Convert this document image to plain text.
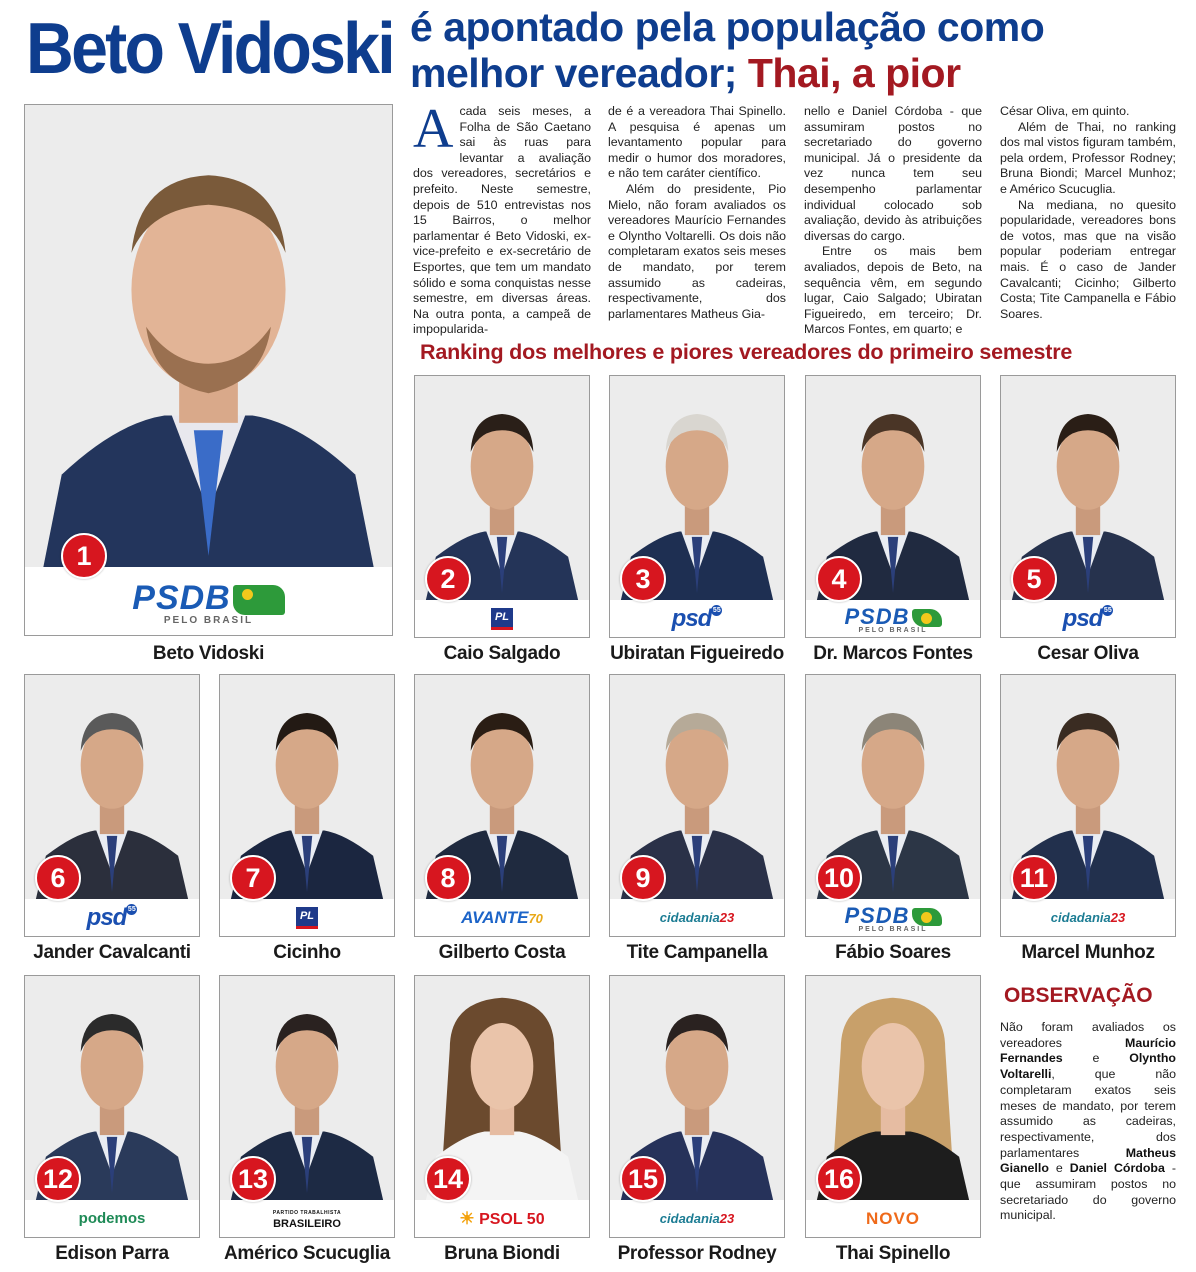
Beto Vidoski é apontado pela população como
melhor vereador; Thai, a pior
PSDB
PELO BRASIL
1
Beto Vidoski
A cada seis meses, a Folha de São Caetano sai às ruas para levantar a avaliação dos vereadores, secretários e prefeito. Neste semestre, depois de 510 entrevistas nos 15 Bairros, o melhor parlamentar é Beto Vidoski, ex-vice-prefeito e ex-secretário de Esportes, que tem um mandato sólido e soma conquistas nesse semestre, em diversas áreas. Na outra ponta, a campeã de impopularida-

de é a vereadora Thai Spinello. A pesquisa é apenas um levantamento popular para medir o humor dos moradores, e não tem caráter científico.

Além do presidente, Pio Mielo, não foram avaliados os vereadores Maurício Fernandes e Olyntho Voltarelli. Os dois não completaram exatos seis meses de mandato, por terem assumido as cadeiras, respectivamente, dos parlamentares Matheus Gia-

nello e Daniel Córdoba - que assumiram postos no secretariado do governo municipal. Já o presidente da vez nunca tem seu desempenho parlamentar individual colocado sob avaliação, devido às atribuições diversas do cargo.

Entre os mais bem avaliados, depois de Beto, na sequência vêm, em segundo lugar, Caio Salgado; Ubiratan Figueiredo, em terceiro; Dr. Marcos Fontes, em quarto; e

César Oliva, em quinto.

Além de Thai, no ranking dos mal vistos figuram também, pela ordem, Professor Rodney; Bruna Biondi; Marcel Munhoz; e Américo Scucuglia.

Na mediana, no quesito popularidade, vereadores bons de votos, mas que na visão popular poderiam entregar mais. É o caso de Jander Cavalcanti; Cicinho; Gilberto Costa; Tite Campanella e Fábio Soares.

Ranking dos melhores e piores vereadores do primeiro semestre
PL
2
Caio Salgado
psd 55
3
Ubiratan Figueiredo
PSDB
PELO BRASIL
4
Dr. Marcos Fontes
psd 55
5
Cesar Oliva
psd 55
6
Jander Cavalcanti
PL
7
Cicinho
AVANTE70
8
Gilberto Costa
cidadania23
9
Tite Campanella
PSDB
PELO BRASIL
10
Fábio Soares
cidadania23
11
Marcel Munhoz
podemos
12
Edison Parra
PARTIDO TRABALHISTA
BRASILEIRO
13
Américo Scucuglia
☀ PSOL 50
14
Bruna Biondi
cidadania23
15
Professor Rodney
NOVO
16
Thai Spinello
OBSERVAÇÃO
Não foram avaliados os vereadores Maurício Fernandes e Olyntho Voltarelli, que não completaram exatos seis meses de mandato, por terem assumido as cadeiras, respectivamente, dos parlamentares Matheus Gianello e Daniel Córdoba - que assumiram postos no secretariado do governo municipal.
